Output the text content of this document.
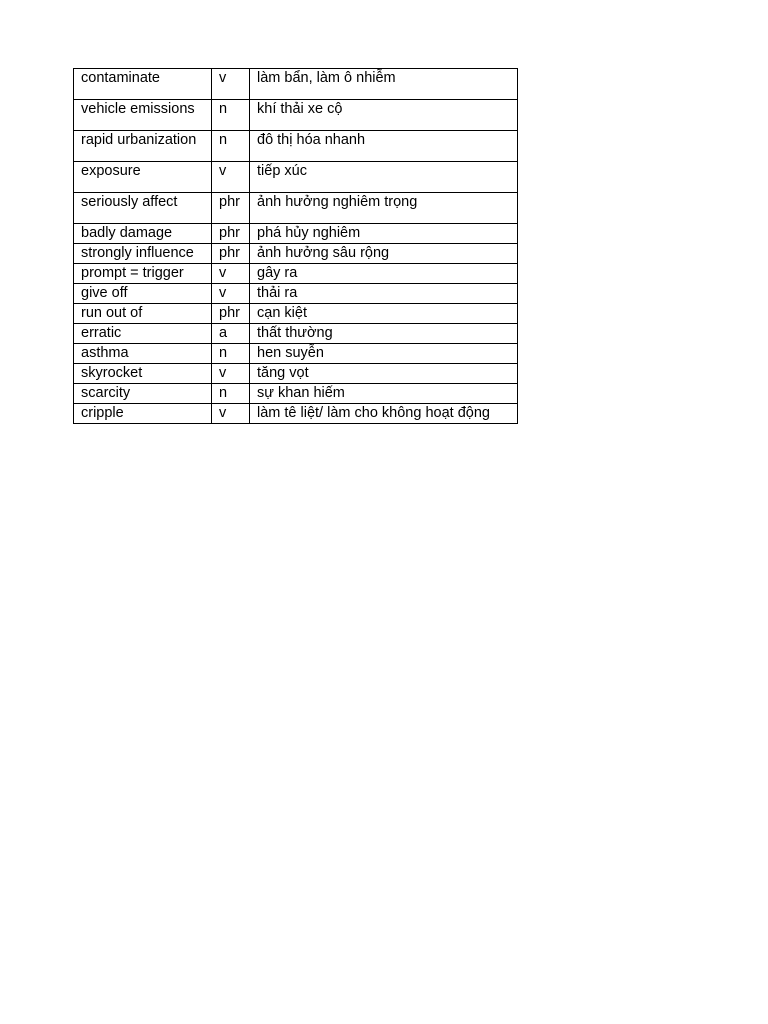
contaminate	v	làm bẩn, làm ô nhiễm
vehicle emissions	n	khí thải xe cộ
rapid urbanization	n	đô thị hóa nhanh
exposure	v	tiếp xúc
seriously affect	phr	ảnh hưởng nghiêm trọng
badly damage	phr	phá hủy nghiêm
strongly influence	phr	ảnh hưởng sâu rộng
prompt = trigger	v	gây ra
give off	v	thải ra
run out of	phr	cạn kiệt
erratic	a	thất thường
asthma	n	hen suyễn
skyrocket	v	tăng vọt
scarcity	n	sự khan hiếm
cripple	v	làm tê liệt/ làm cho không hoạt động
